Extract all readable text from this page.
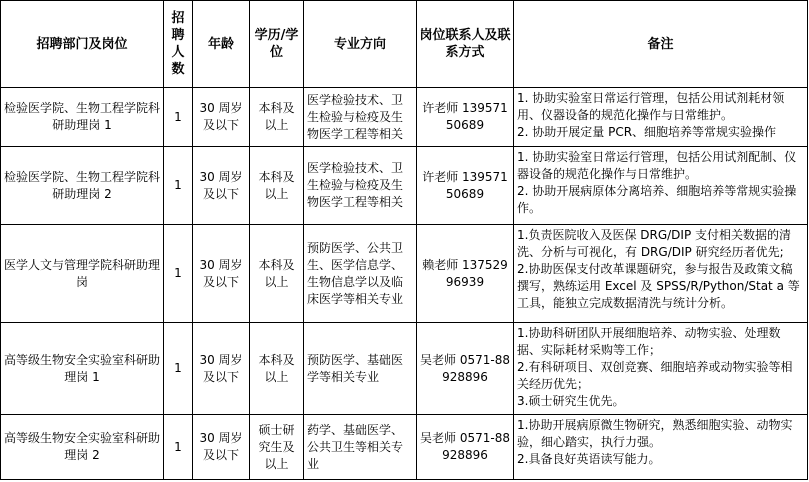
招聘部门及岗位	招聘人数	年龄	学历/学位	专业方向	岗位联系人及联系方式	备注
检验医学院、生物工程学院科研助理岗 1	1	30 周岁及以下	本科及以上	医学检验技术、卫生检验与检疫及生物医学工程等相关	许老师 13957150689	1. 协助实验室日常运行管理，包括公用试剂耗材领用、仪器设备的规范化操作与日常维护。
2. 协助开展定量 PCR、细胞培养等常规实验操作

检验医学院、生物工程学院科研助理岗 2	1	30 周岁及以下	本科及以上	医学检验技术、卫生检验与检疫及生物医学工程等相关	许老师 13957150689	1. 协助实验室日常运行管理，包括公用试剂配制、仪器设备的规范化操作与日常维护。
2. 协助开展病原体分离培养、细胞培养等常规实验操作。

医学人文与管理学院科研助理岗	1	30 周岁及以下	本科及以上	预防医学、公共卫生、医学信息学、生物信息学以及临床医学等相关专业	赖老师 13752996939	1.负责医院收入及医保 DRG/DIP 支付相关数据的清洗、分析与可视化，有 DRG/DIP 研究经历者优先;
2.协助医保支付改革课题研究，参与报告及政策文稿撰写，熟练运用 Excel 及 SPSS/R/Python/Stat a 等工具，能独立完成数据清洗与统计分析。

高等级生物安全实验室科研助理岗 1	1	30 周岁及以下	本科及以上	预防医学、基础医学等相关专业	吴老师 0571-88928896	1.协助科研团队开展细胞培养、动物实验、处理数据、实际耗材采购等工作；
2.有科研项目、双创竞赛、细胞培养或动物实验等相关经历优先；
3.硕士研究生优先。

高等级生物安全实验室科研助理岗 2	1	30 周岁及以下	硕士研究生及以上	药学、基础医学、公共卫生等相关专业	吴老师 0571-88928896	1.协助开展病原微生物研究，熟悉细胞实验、动物实验，细心踏实，执行力强。
2.具备良好英语读写能力。
